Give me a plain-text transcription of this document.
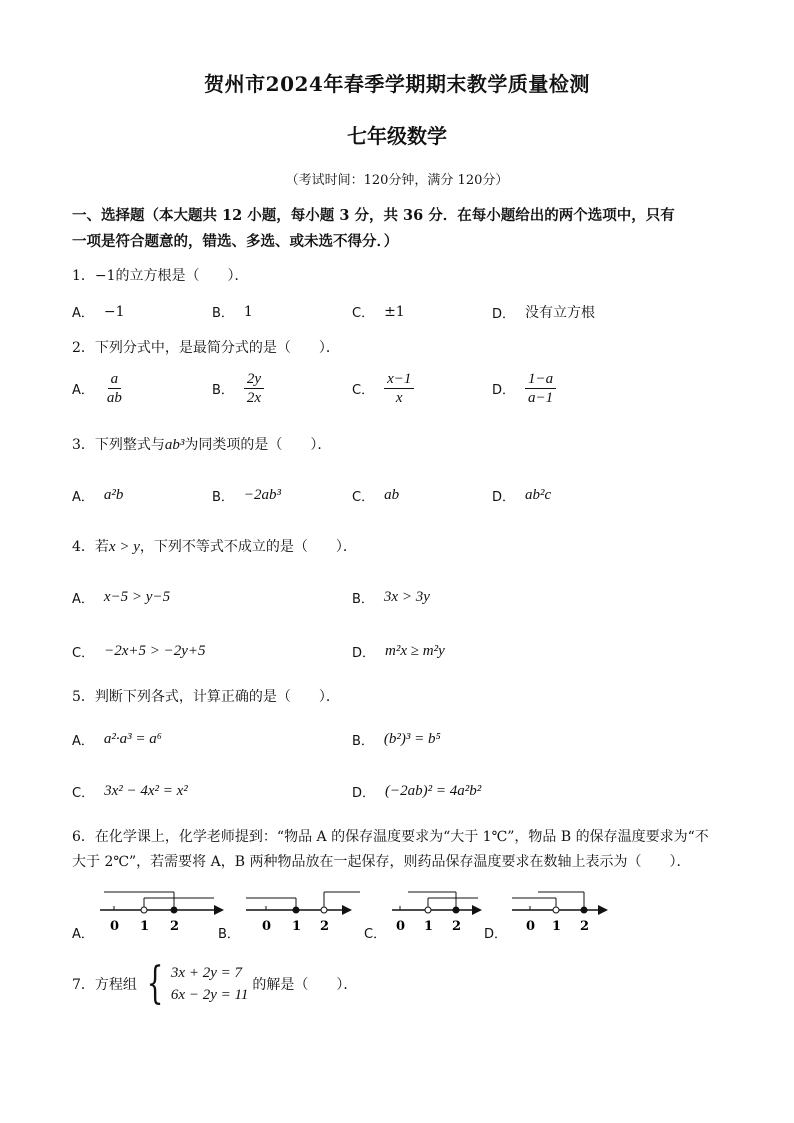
贺州市2024年春季学期期末教学质量检测
七年级数学
（考试时间：120分钟，满分 120分）
一、选择题（本大题共 12 小题，每小题 3 分，共 36 分．在每小题给出的两个选项中，只有
一项是符合题意的，错选、多选、或未选不得分．）
1．−1的立方根是（　　）．
A． −1	B． 1	C． ±1	D． 没有立方根
2．下列分式中，是最简分式的是（　　）．
A． $\frac{a}{ab}$	B． $\frac{2y}{2x}$	C． $\frac{x-1}{x}$	D． $\frac{1-a}{a-1}$
3．下列整式与ab³为同类项的是（　　）．
A． a²b	B． −2ab³	C． ab	D． ab²c
4．若x > y，下列不等式不成立的是（　　）．
A． x−5 > y−5	B． 3x > 3y
C． −2x+5 > −2y+5	D． m²x ≥ m²y
5．判断下列各式，计算正确的是（　　）．
A． a²·a³ = a⁶	B． (b²)³ = b⁵
C． 3x² − 4x² = x²	D． (−2ab)² = 4a²b²
6．在化学课上，化学老师提到：“物品 A 的保存温度要求为“大于 1℃”，物品 B 的保存温度要求为“不
大于 2℃”，若需要将 A，B 两种物品放在一起保存，则药品保存温度要求在数轴上表示为（　　）．
A．
0 1 2
B．
0 1 2
C．
0 1 2
D．
0 1 2
7．方程组 { 3x + 2y = 7
6x − 2y = 11
的解是（　　）．
